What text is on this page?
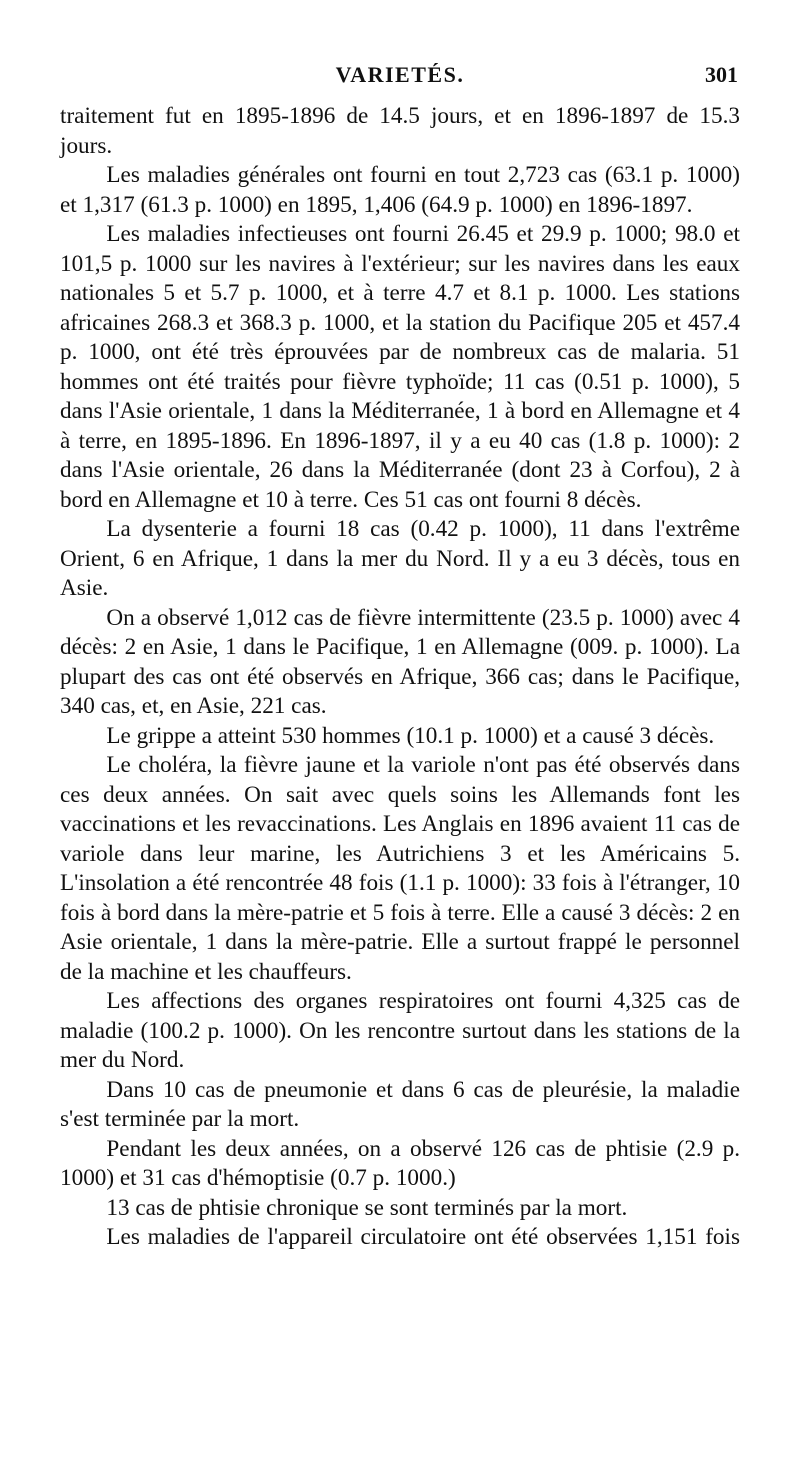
VARIETÉS.	301

traitement fut en 1895-1896 de 14.5 jours, et en 1896-1897 de 15.3 jours.

Les maladies générales ont fourni en tout 2,723 cas (63.1 p. 1000) et 1,317 (61.3 p. 1000) en 1895, 1,406 (64.9 p. 1000) en 1896-1897.

Les maladies infectieuses ont fourni 26.45 et 29.9 p. 1000; 98.0 et 101,5 p. 1000 sur les navires à l'extérieur; sur les navires dans les eaux nationales 5 et 5.7 p. 1000, et à terre 4.7 et 8.1 p. 1000. Les stations africaines 268.3 et 368.3 p. 1000, et la station du Pacifique 205 et 457.4 p. 1000, ont été très éprouvées par de nombreux cas de malaria. 51 hommes ont été traités pour fièvre typhoïde; 11 cas (0.51 p. 1000), 5 dans l'Asie orientale, 1 dans la Méditerranée, 1 à bord en Allemagne et 4 à terre, en 1895-1896. En 1896-1897, il y a eu 40 cas (1.8 p. 1000): 2 dans l'Asie orientale, 26 dans la Méditerranée (dont 23 à Corfou), 2 à bord en Allemagne et 10 à terre. Ces 51 cas ont fourni 8 décès.

La dysenterie a fourni 18 cas (0.42 p. 1000), 11 dans l'extrême Orient, 6 en Afrique, 1 dans la mer du Nord. Il y a eu 3 décès, tous en Asie.

On a observé 1,012 cas de fièvre intermittente (23.5 p. 1000) avec 4 décès: 2 en Asie, 1 dans le Pacifique, 1 en Allemagne (009. p. 1000). La plupart des cas ont été observés en Afrique, 366 cas; dans le Pacifique, 340 cas, et, en Asie, 221 cas.

Le grippe a atteint 530 hommes (10.1 p. 1000) et a causé 3 décès.

Le choléra, la fièvre jaune et la variole n'ont pas été observés dans ces deux années. On sait avec quels soins les Allemands font les vaccinations et les revaccinations. Les Anglais en 1896 avaient 11 cas de variole dans leur marine, les Autrichiens 3 et les Américains 5. L'insolation a été rencontrée 48 fois (1.1 p. 1000): 33 fois à l'étranger, 10 fois à bord dans la mère-patrie et 5 fois à terre. Elle a causé 3 décès: 2 en Asie orientale, 1 dans la mère-patrie. Elle a surtout frappé le personnel de la machine et les chauffeurs.

Les affections des organes respiratoires ont fourni 4,325 cas de maladie (100.2 p. 1000). On les rencontre surtout dans les stations de la mer du Nord.

Dans 10 cas de pneumonie et dans 6 cas de pleurésie, la maladie s'est terminée par la mort.

Pendant les deux années, on a observé 126 cas de phtisie (2.9 p. 1000) et 31 cas d'hémoptisie (0.7 p. 1000.)

13 cas de phtisie chronique se sont terminés par la mort.

Les maladies de l'appareil circulatoire ont été observées 1,151 fois
